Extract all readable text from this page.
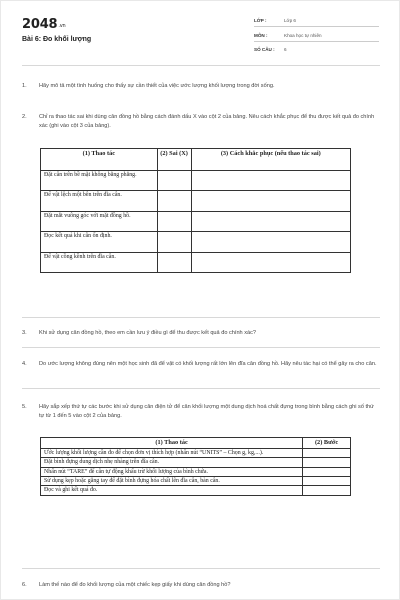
2048.vn
Bài 6: Đo khối lượng
LỚP :	Lớp 6
MÔN :	Khoa học tự nhiên
SỐ CÂU :	6
1. Hãy mô tả một tình huống cho thấy sự cần thiết của việc ước lượng khối lượng trong đời sống.
2. Chỉ ra thao tác sai khi dùng cân đồng hồ bằng cách đánh dấu X vào cột 2 của bảng. Nêu cách khắc phục để thu được kết quả đo chính xác (ghi vào cột 3 của bảng).
(1) Thao tác	(2) Sai (X)	(3) Cách khắc phục (nếu thao tác sai)
Đặt cân trên bề mặt không bằng phẳng.		
Để vật lệch một bên trên đĩa cân.		
Đặt mắt vuông góc với mặt đồng hồ.		
Đọc kết quả khi cân ổn định.		
Để vật cồng kềnh trên đĩa cân.		
3. Khi sử dụng cân đồng hồ, theo em cần lưu ý điều gì để thu được kết quả đo chính xác?
4. Do ước lượng không đúng nên một học sinh đã để vật có khối lượng rất lớn lên đĩa cân đồng hồ. Hãy nêu tác hại có thể gây ra cho cân.
5. Hãy sắp xếp thứ tự các bước khi sử dụng cân điện tử để cân khối lượng một dung dịch hoá chất đựng trong bình bằng cách ghi số thứ tự từ 1 đến 5 vào cột 2 của bảng.
(1) Thao tác	(2) Bước
Ước lượng khối lượng cần đo để chọn đơn vị thích hợp (nhấn nút “UNITS” – Chọn g, kg,...).	
Đặt bình đựng dung dịch nhẹ nhàng trên đĩa cân.	
Nhấn nút “TARE” để cân tự động khấu trừ khối lượng của bình chứa.	
Sử dụng kẹp hoặc găng tay để đặt bình đựng hóa chất lên đĩa cân, bàn cân.	
Đọc và ghi kết quả đo.	
6. Làm thế nào để đo khối lượng của một chiếc kẹp giấy khi dùng cân đồng hồ?
